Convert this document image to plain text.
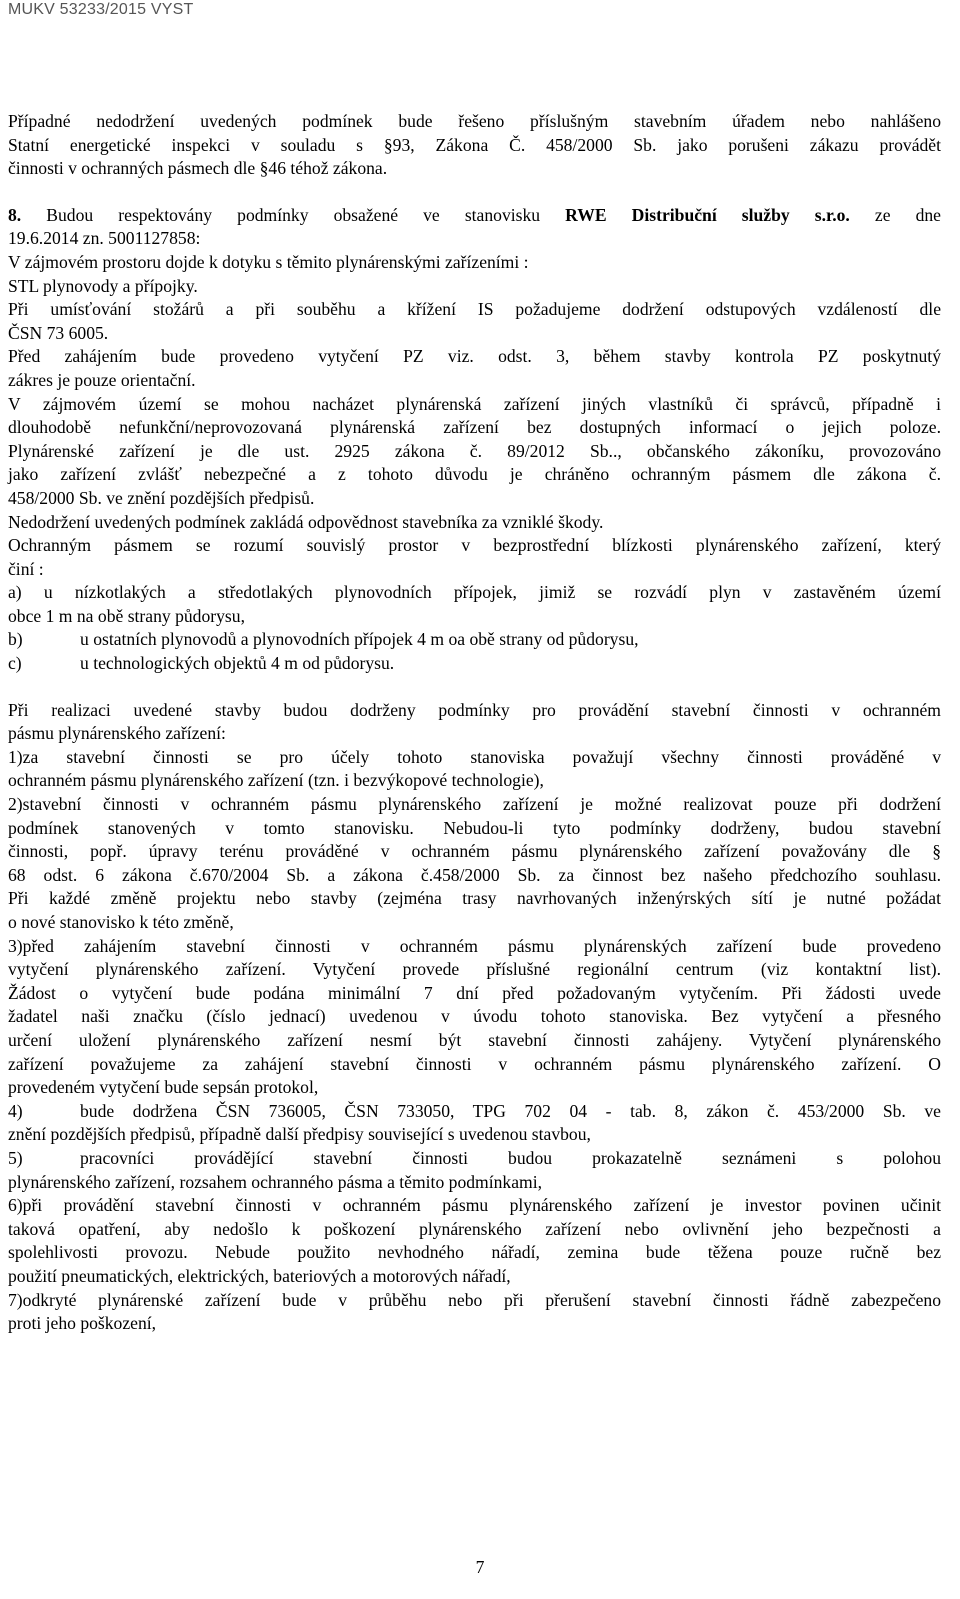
MUKV 53233/2015 VYST

Případné nedodržení uvedených podmínek bude řešeno příslušným stavebním úřadem nebo nahlášeno

Statní energetické inspekci v souladu s §93, Zákona Č. 458/2000 Sb. jako porušeni zákazu provádět

činnosti v ochranných pásmech dle §46 téhož zákona.

8. Budou respektovány podmínky obsažené ve stanovisku RWE Distribuční služby s.r.o. ze dne

19.6.2014 zn. 5001127858:

V zájmovém prostoru dojde k dotyku s těmito plynárenskými zařízeními :

STL plynovody a přípojky.

Při umísťování stožárů a při souběhu a křížení IS požadujeme dodržení odstupových vzdáleností dle

ČSN 73 6005.

Před zahájením bude provedeno vytyčení PZ viz. odst. 3, během stavby kontrola PZ poskytnutý

zákres je pouze orientační.

V zájmovém území se mohou nacházet plynárenská zařízení jiných vlastníků či správců, případně i

dlouhodobě nefunkční/neprovozovaná plynárenská zařízení bez dostupných informací o jejich poloze.

Plynárenské zařízení je dle ust. 2925 zákona č. 89/2012 Sb.., občanského zákoníku, provozováno

jako zařízení zvlášť nebezpečné a z tohoto důvodu je chráněno ochranným pásmem dle zákona č.

458/2000 Sb. ve znění pozdějších předpisů.

Nedodržení uvedených podmínek zakládá odpovědnost stavebníka za vzniklé škody.

Ochranným pásmem se rozumí souvislý prostor v bezprostřední blízkosti plynárenského zařízení, který

činí :

a) u nízkotlakých a středotlakých plynovodních přípojek, jimiž se rozvádí plyn v zastavěném území

obce 1 m na obě strany půdorysu,

b)	u ostatních plynovodů a plynovodních přípojek 4 m oa obě strany od půdorysu,
c)	u technologických objektů 4 m od půdorysu.

Při realizaci uvedené stavby budou dodrženy podmínky pro provádění stavební činnosti v ochranném

pásmu plynárenského zařízení:

1)za stavební činnosti se pro účely tohoto stanoviska považují všechny činnosti prováděné v

ochranném pásmu plynárenského zařízení (tzn. i bezvýkopové technologie),

2)stavební činnosti v ochranném pásmu plynárenského zařízení je možné realizovat pouze při dodržení

podmínek stanovených v tomto stanovisku. Nebudou-li tyto podmínky dodrženy, budou stavební

činnosti, popř. úpravy terénu prováděné v ochranném pásmu plynárenského zařízení považovány dle §

68 odst. 6 zákona č.670/2004 Sb. a zákona č.458/2000 Sb. za činnost bez našeho předchozího souhlasu.

Při každé změně projektu nebo stavby (zejména trasy navrhovaných inženýrských sítí je nutné požádat

o nové stanovisko k této změně,

3)před zahájením stavební činnosti v ochranném pásmu plynárenských zařízení bude provedeno

vytyčení plynárenského zařízení. Vytyčení provede příslušné regionální centrum (viz kontaktní list).

Žádost o vytyčení bude podána minimální 7 dní před požadovaným vytyčením. Při žádosti uvede

žadatel naši značku (číslo jednací) uvedenou v úvodu tohoto stanoviska. Bez vytyčení a přesného

určení uložení plynárenského zařízení nesmí být stavební činnosti zahájeny. Vytyčení plynárenského

zařízení považujeme za zahájení stavební činnosti v ochranném pásmu plynárenského zařízení. O

provedeném vytyčení bude sepsán protokol,

4)	bude dodržena ČSN 736005, ČSN 733050, TPG 702 04 - tab. 8, zákon č. 453/2000 Sb. ve

znění pozdějších předpisů, případně další předpisy související s uvedenou stavbou,

5)	pracovníci provádějící stavební činnosti budou prokazatelně seznámeni s polohou

plynárenského zařízení, rozsahem ochranného pásma a těmito podmínkami,

6)při provádění stavební činnosti v ochranném pásmu plynárenského zařízení je investor povinen učinit

taková opatření, aby nedošlo k poškození plynárenského zařízení nebo ovlivnění jeho bezpečnosti a

spolehlivosti provozu. Nebude použito nevhodného nářadí, zemina bude těžena pouze ručně bez

použití pneumatických, elektrických, bateriových a motorových nářadí,

7)odkryté plynárenské zařízení bude v průběhu nebo při přerušení stavební činnosti řádně zabezpečeno

proti jeho poškození,

7
